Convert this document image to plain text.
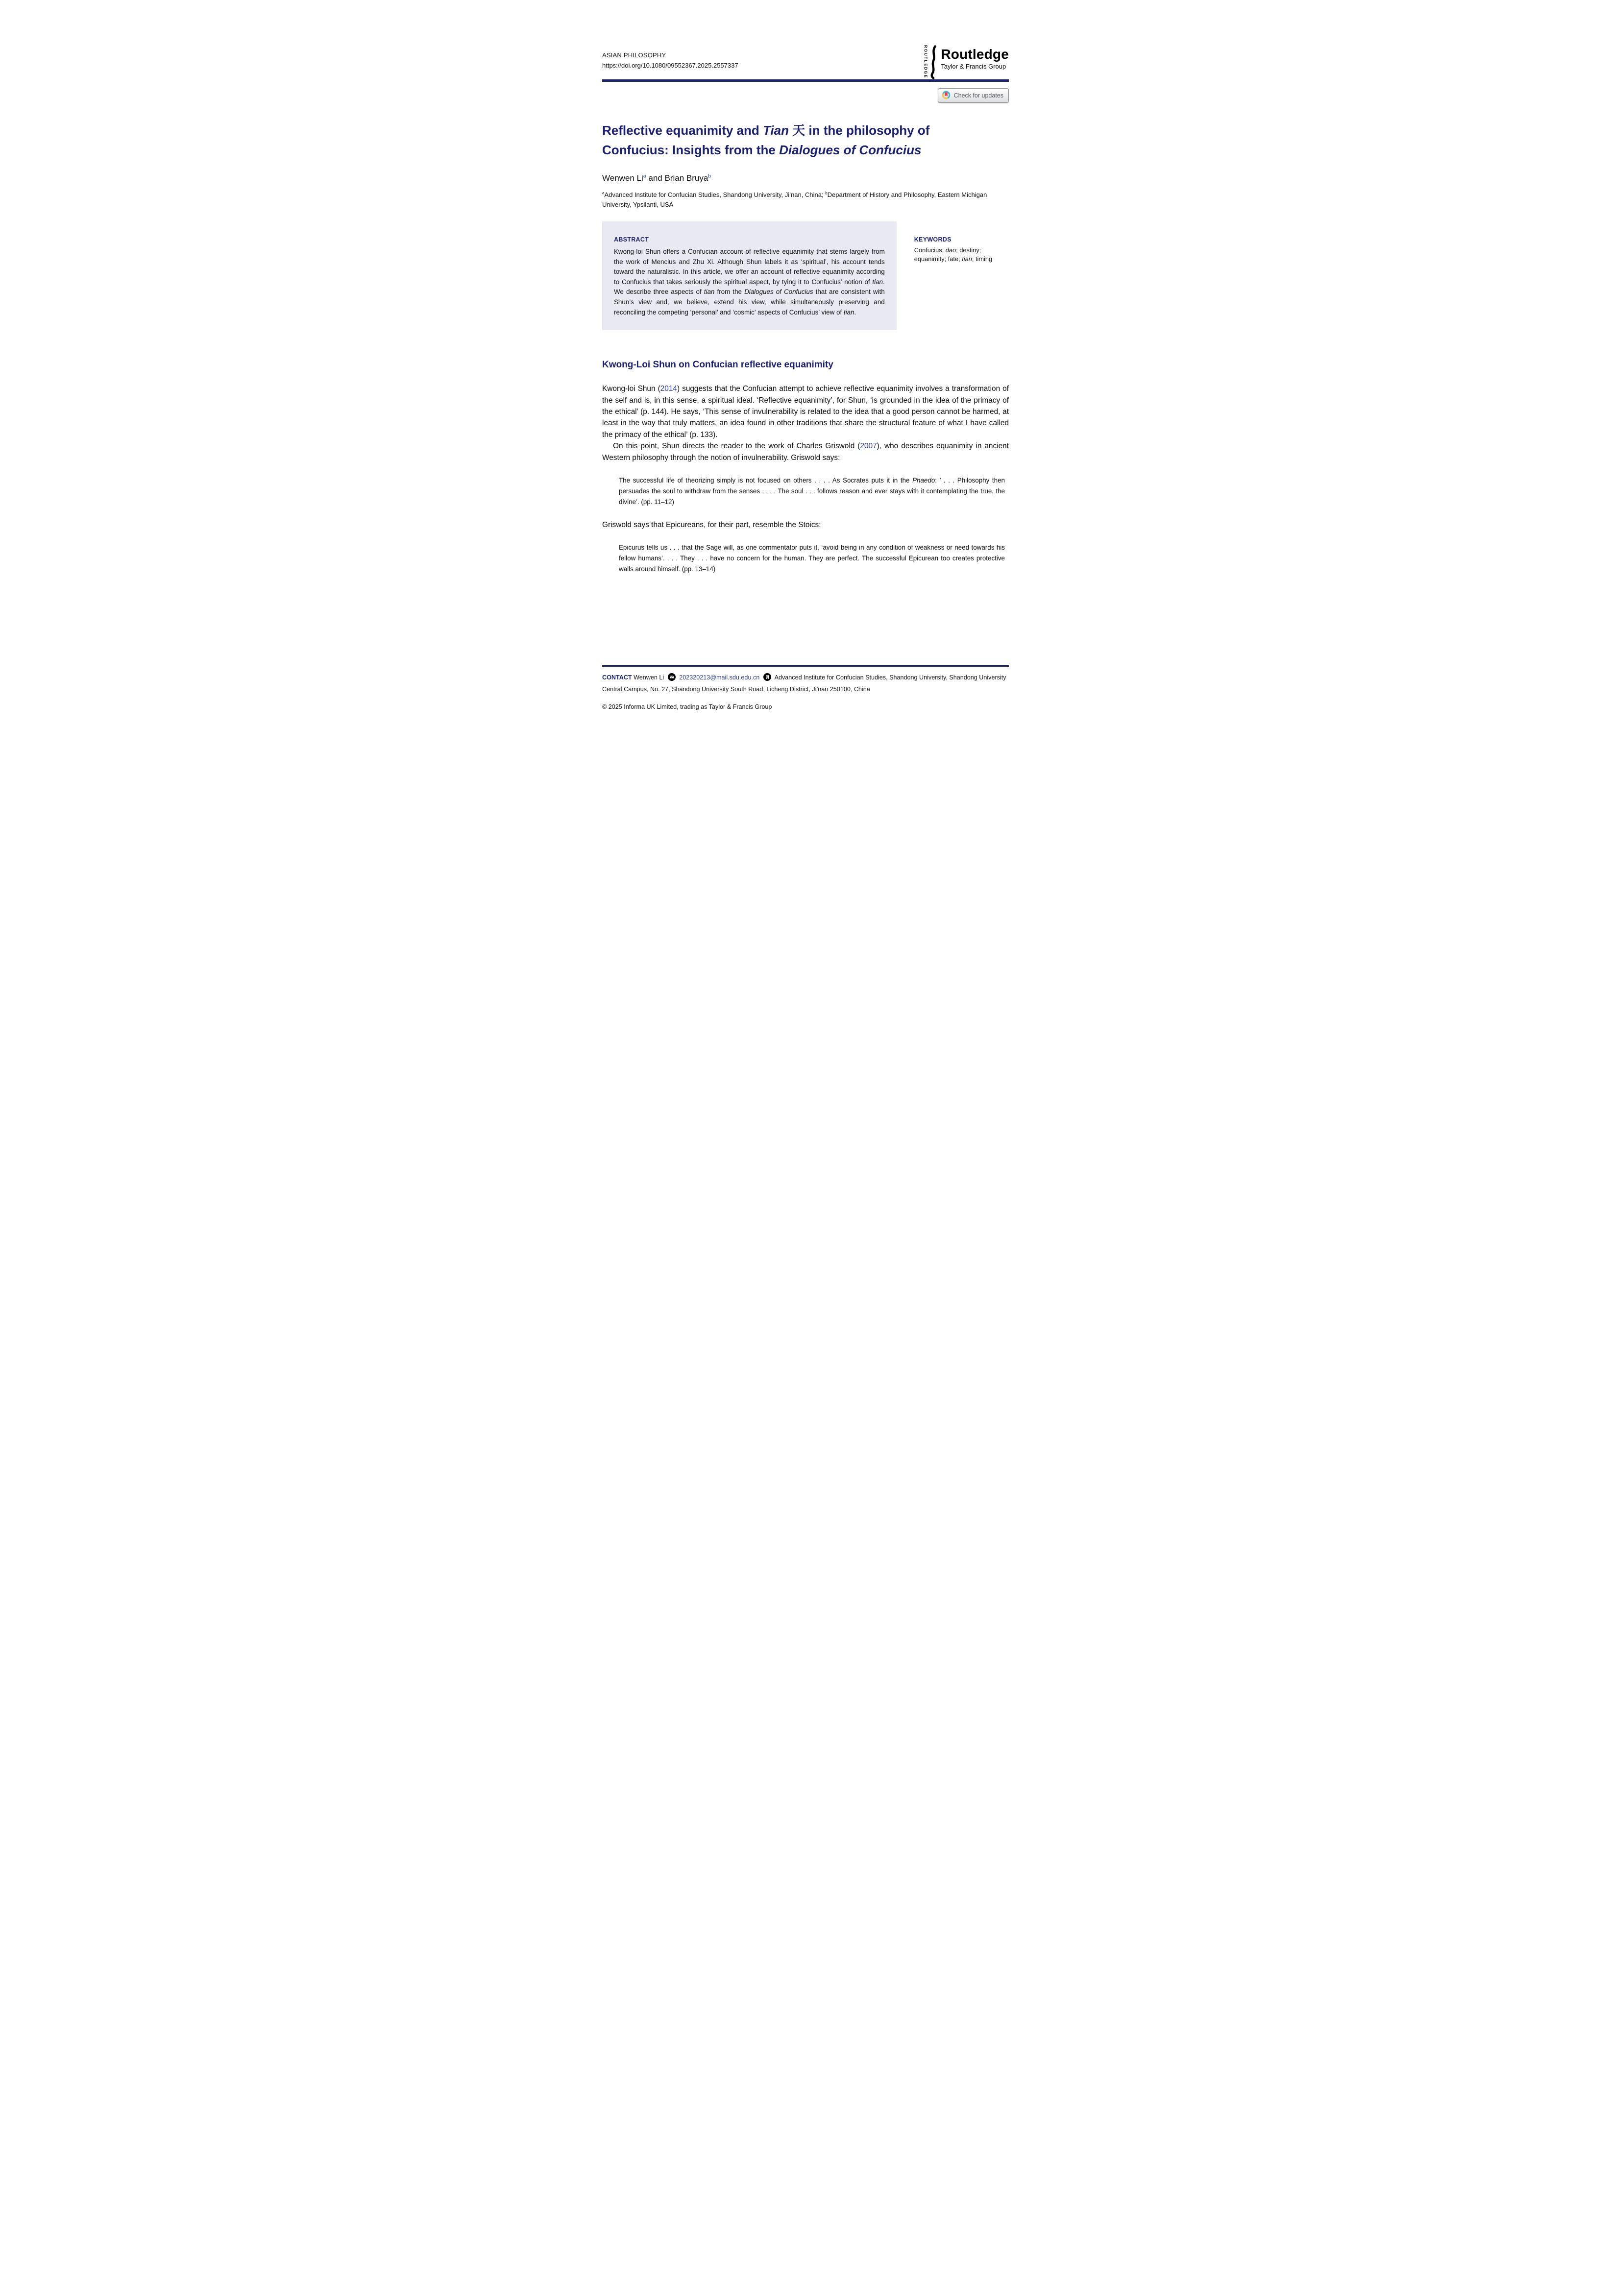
ASIAN PHILOSOPHY
https://doi.org/10.1080/09552367.2025.2557337	ROUTLEDGE Routledge
Taylor & Francis Group
Check for updates
Reflective equanimity and Tian 天 in the philosophy of Confucius: Insights from the Dialogues of Confucius
Wenwen Li$^a$ and Brian Bruya$^b$
$^a$Advanced Institute for Confucian Studies, Shandong University, Ji’nan, China; $^b$Department of History and Philosophy, Eastern Michigan University, Ypsilanti, USA
ABSTRACT
Kwong-loi Shun offers a Confucian account of reflective equanimity that stems largely from the work of Mencius and Zhu Xi. Although Shun labels it as ‘spiritual’, his account tends toward the naturalistic. In this article, we offer an account of reflective equanimity according to Confucius that takes seriously the spiritual aspect, by tying it to Confucius’ notion of tian. We describe three aspects of tian from the Dialogues of Confucius that are consistent with Shun’s view and, we believe, extend his view, while simultaneously preserving and reconciling the competing ‘personal’ and ‘cosmic’ aspects of Confucius’ view of tian.
KEYWORDS
Confucius; dao; destiny; equanimity; fate; tian; timing
Kwong-Loi Shun on Confucian reflective equanimity

Kwong-loi Shun (2014) suggests that the Confucian attempt to achieve reflective equanimity involves a transformation of the self and is, in this sense, a spiritual ideal. ‘Reflective equanimity’, for Shun, ‘is grounded in the idea of the primacy of the ethical’ (p. 144). He says, ‘This sense of invulnerability is related to the idea that a good person cannot be harmed, at least in the way that truly matters, an idea found in other traditions that share the structural feature of what I have called the primacy of the ethical’ (p. 133).

On this point, Shun directs the reader to the work of Charles Griswold (2007), who describes equanimity in ancient Western philosophy through the notion of invulnerability. Griswold says:

The successful life of theorizing simply is not focused on others . . . . As Socrates puts it in the Phaedo: ’ . . . Philosophy then persuades the soul to withdraw from the senses . . . . The soul . . . follows reason and ever stays with it contemplating the true, the divine’. (pp. 11–12)

Griswold says that Epicureans, for their part, resemble the Stoics:

Epicurus tells us . . . that the Sage will, as one commentator puts it, ‘avoid being in any condition of weakness or need towards his fellow humans’. . . . They . . . have no concern for the human. They are perfect. The successful Epicurean too creates protective walls around himself. (pp. 13–14)

CONTACT Wenwen Li 202320213@mail.sdu.edu.cn Advanced Institute for Confucian Studies, Shandong University, Shandong University Central Campus, No. 27, Shandong University South Road, Licheng District, Ji’nan 250100, China
© 2025 Informa UK Limited, trading as Taylor & Francis Group
